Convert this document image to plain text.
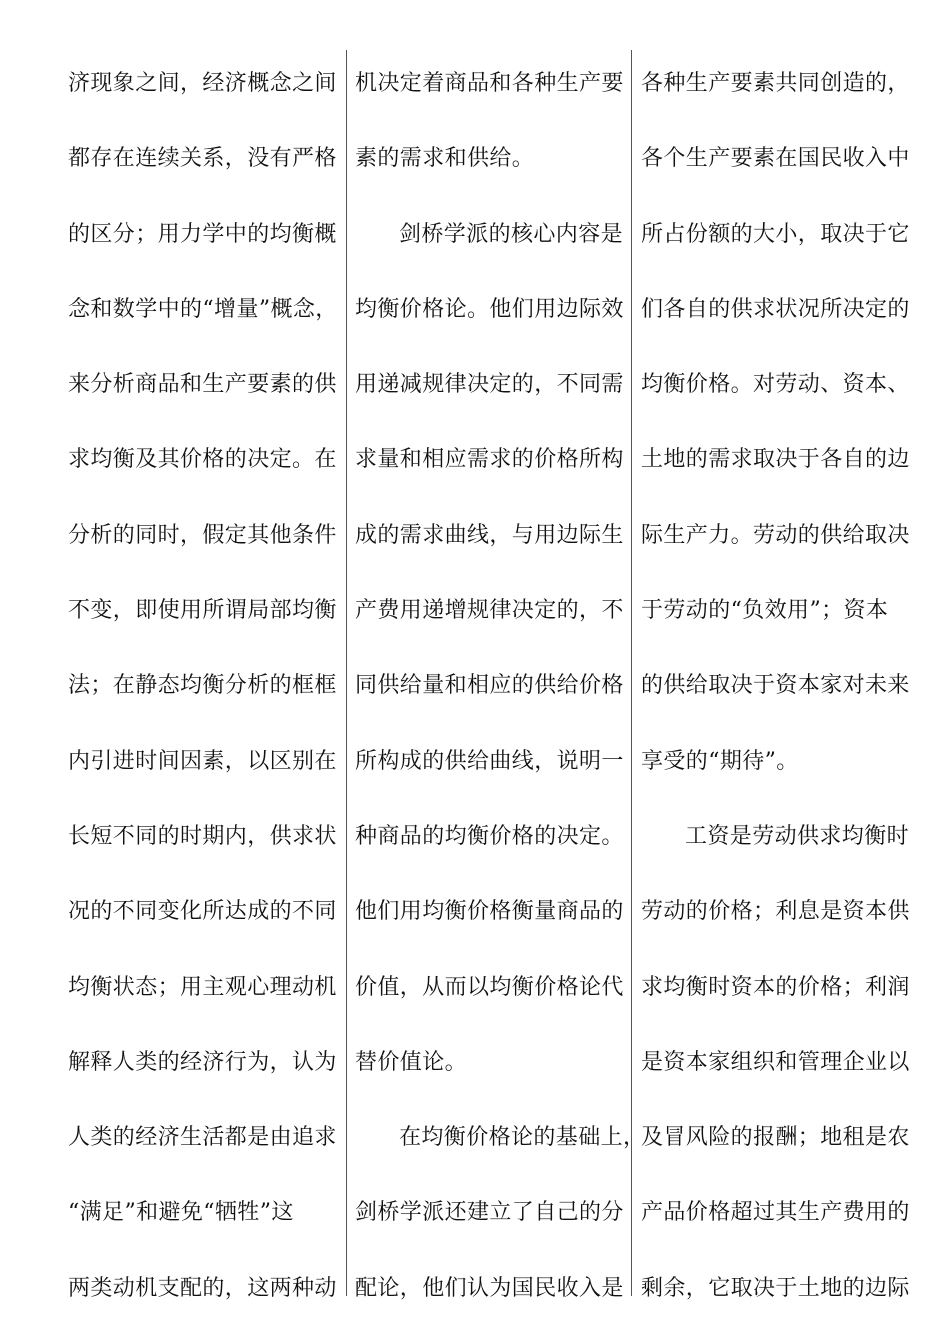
济现象之间，经济概念之间
都存在连续关系，没有严格
的区分；用力学中的均衡概
念和数学中的“增量”概念，
来分析商品和生产要素的供
求均衡及其价格的决定。在
分析的同时，假定其他条件
不变，即使用所谓局部均衡
法；在静态均衡分析的框框
内引进时间因素，以区别在
长短不同的时期内，供求状
况的不同变化所达成的不同
均衡状态；用主观心理动机
解释人类的经济行为，认为
人类的经济生活都是由追求
“满足”和避免“牺牲”这
两类动机支配的，这两种动
机决定着商品和各种生产要
素的需求和供给。
剑桥学派的核心内容是
均衡价格论。他们用边际效
用递减规律决定的，不同需
求量和相应需求的价格所构
成的需求曲线，与用边际生
产费用递增规律决定的，不
同供给量和相应的供给价格
所构成的供给曲线，说明一
种商品的均衡价格的决定。
他们用均衡价格衡量商品的
价值，从而以均衡价格论代
替价值论。
在均衡价格论的基础上，
剑桥学派还建立了自己的分
配论，他们认为国民收入是
各种生产要素共同创造的，
各个生产要素在国民收入中
所占份额的大小，取决于它
们各自的供求状况所决定的
均衡价格。对劳动、资本、
土地的需求取决于各自的边
际生产力。劳动的供给取决
于劳动的“负效用”；资本
的供给取决于资本家对未来
享受的“期待”。
工资是劳动供求均衡时
劳动的价格；利息是资本供
求均衡时资本的价格；利润
是资本家组织和管理企业以
及冒风险的报酬；地租是农
产品价格超过其生产费用的
剩余，它取决于土地的边际
